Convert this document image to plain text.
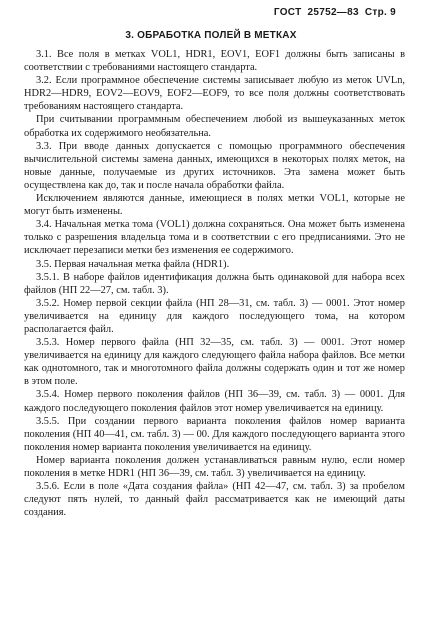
ГОСТ 25752—83 Стр. 9
3. ОБРАБОТКА ПОЛЕЙ В МЕТКАХ

3.1. Все поля в метках VOL1, HDR1, EOV1, EOF1 должны быть записаны в соответствии с требованиями настоящего стандарта.

3.2. Если программное обеспечение системы записывает любую из меток UVLn, HDR2—HDR9, EOV2—EOV9, EOF2—EOF9, то все поля должны соответствовать требованиям настоящего стандарта.

При считывании программным обеспечением любой из вышеуказанных меток обработка их содержимого необязательна.

3.3. При вводе данных допускается с помощью программного обеспечения вычислительной системы замена данных, имеющихся в некоторых полях меток, на новые данные, получаемые из других источников. Эта замена может быть осуществлена как до, так и после начала обработки файла.

Исключением являются данные, имеющиеся в полях метки VOL1, которые не могут быть изменены.

3.4. Начальная метка тома (VOL1) должна сохраняться. Она может быть изменена только с разрешения владельца тома и в соответствии с его предписаниями. Это не исключает перезаписи метки без изменения ее содержимого.

3.5. Первая начальная метка файла (HDR1).

3.5.1. В наборе файлов идентификация должна быть одинаковой для набора всех файлов (НП 22—27, см. табл. 3).

3.5.2. Номер первой секции файла (НП 28—31, см. табл. 3) — 0001. Этот номер увеличивается на единицу для каждого последующего тома, на котором располагается файл.

3.5.3. Номер первого файла (НП 32—35, см. табл. 3) — 0001. Этот номер увеличивается на единицу для каждого следующего файла набора файлов. Все метки как однотомного, так и многотомного файла должны содержать один и тот же номер в этом поле.

3.5.4. Номер первого поколения файлов (НП 36—39, см. табл. 3) — 0001. Для каждого последующего поколения файлов этот номер увеличивается на единицу.

3.5.5. При создании первого варианта поколения файлов номер варианта поколения (НП 40—41, см. табл. 3) — 00. Для каждого последующего варианта этого поколения номер варианта поколения увеличивается на единицу.

Номер варианта поколения должен устанавливаться равным нулю, если номер поколения в метке HDR1 (НП 36—39, см. табл. 3) увеличивается на единицу.

3.5.6. Если в поле «Дата создания файла» (НП 42—47, см. табл. 3) за пробелом следуют пять нулей, то данный файл рассматривается как не имеющий даты создания.
